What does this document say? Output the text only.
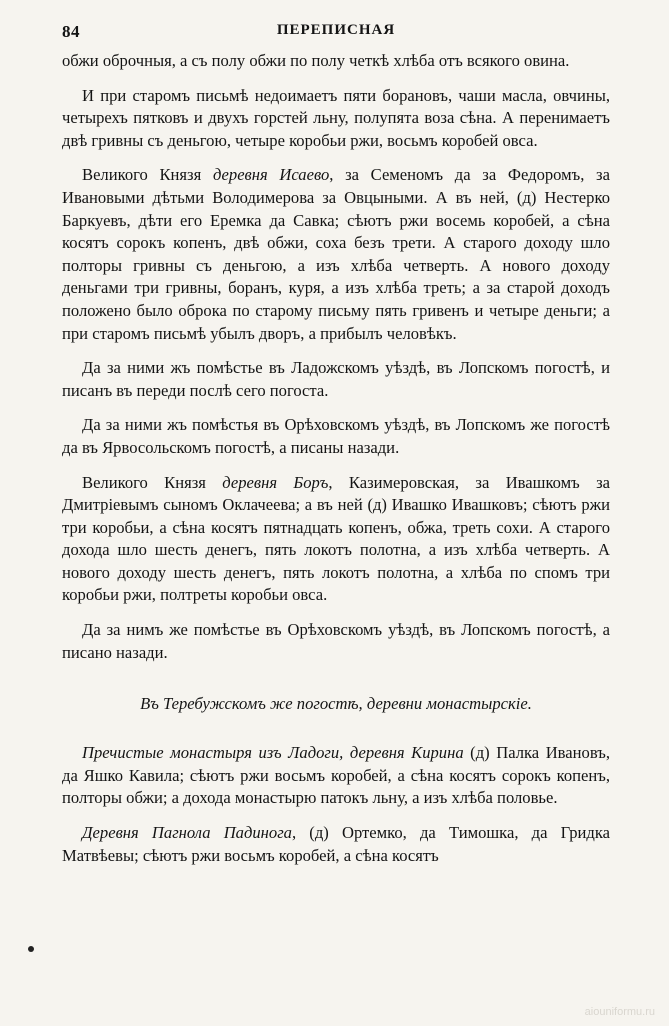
84	ПЕРЕПИСНАЯ

обжи оброчныя, а съ полу обжи по полу четкѣ хлѣба отъ всякого овина.

И при старомъ письмѣ недоимаетъ пяти борановъ, чаши масла, овчины, четырехъ пятковъ и двухъ горстей льну, полупята воза сѣна. А перенимаетъ двѣ гривны съ деньгою, четыре коробьи ржи, восьмъ коробей овса.

Великого Князя деревня Исаево, за Семеномъ да за Федоромъ, за Ивановыми дѣтьми Володимерова за Овцыными. А въ ней, (д) Нестерко Баркуевъ, дѣти его Еремка да Савка; сѣютъ ржи восемь коробей, а сѣна косятъ сорокъ копенъ, двѣ обжи, соха безъ трети. А старого доходу шло полторы гривны съ деньгою, а изъ хлѣба четверть. А нового доходу деньгами три гривны, боранъ, куря, а изъ хлѣба треть; а за старой доходъ положено было оброка по старому письму пять гривенъ и четыре деньги; а при старомъ письмѣ убылъ дворъ, а прибылъ человѣкъ.

Да за ними жъ помѣстье въ Ладожскомъ уѣздѣ, въ Лопскомъ погостѣ, и писанъ въ переди послѣ сего погоста.

Да за ними жъ помѣстья въ Орѣховскомъ уѣздѣ, въ Лопскомъ же погостѣ да въ Ярвосольскомъ погостѣ, а писаны назади.

Великого Князя деревня Боръ, Казимеровская, за Ивашкомъ за Дмитріевымъ сыномъ Оклачеева; а въ ней (д) Ивашко Ивашковъ; сѣютъ ржи три коробьи, а сѣна косятъ пятнадцать копенъ, обжа, треть сохи. А старого дохода шло шесть денегъ, пять локотъ полотна, а изъ хлѣба четверть. А нового доходу шесть денегъ, пять локотъ полотна, а хлѣба по спомъ три коробьи ржи, полтреты коробьи овса.

Да за нимъ же помѣстье въ Орѣховскомъ уѣздѣ, въ Лопскомъ погостѣ, а писано назади.

Въ Теребужскомъ же погостѣ, деревни монастырскіе.

Пречистые монастыря изъ Ладоги, деревня Кирина (д) Палка Ивановъ, да Яшко Кавила; сѣютъ ржи восьмъ коробей, а сѣна косятъ сорокъ копенъ, полторы обжи; а дохода монастырю патокъ льну, а изъ хлѣба половье.

Деревня Пагнола Падинога, (д) Ортемко, да Тимошка, да Гридка Матвѣевы; сѣютъ ржи восьмъ коробей, а сѣна косятъ

aiouniformu.ru
